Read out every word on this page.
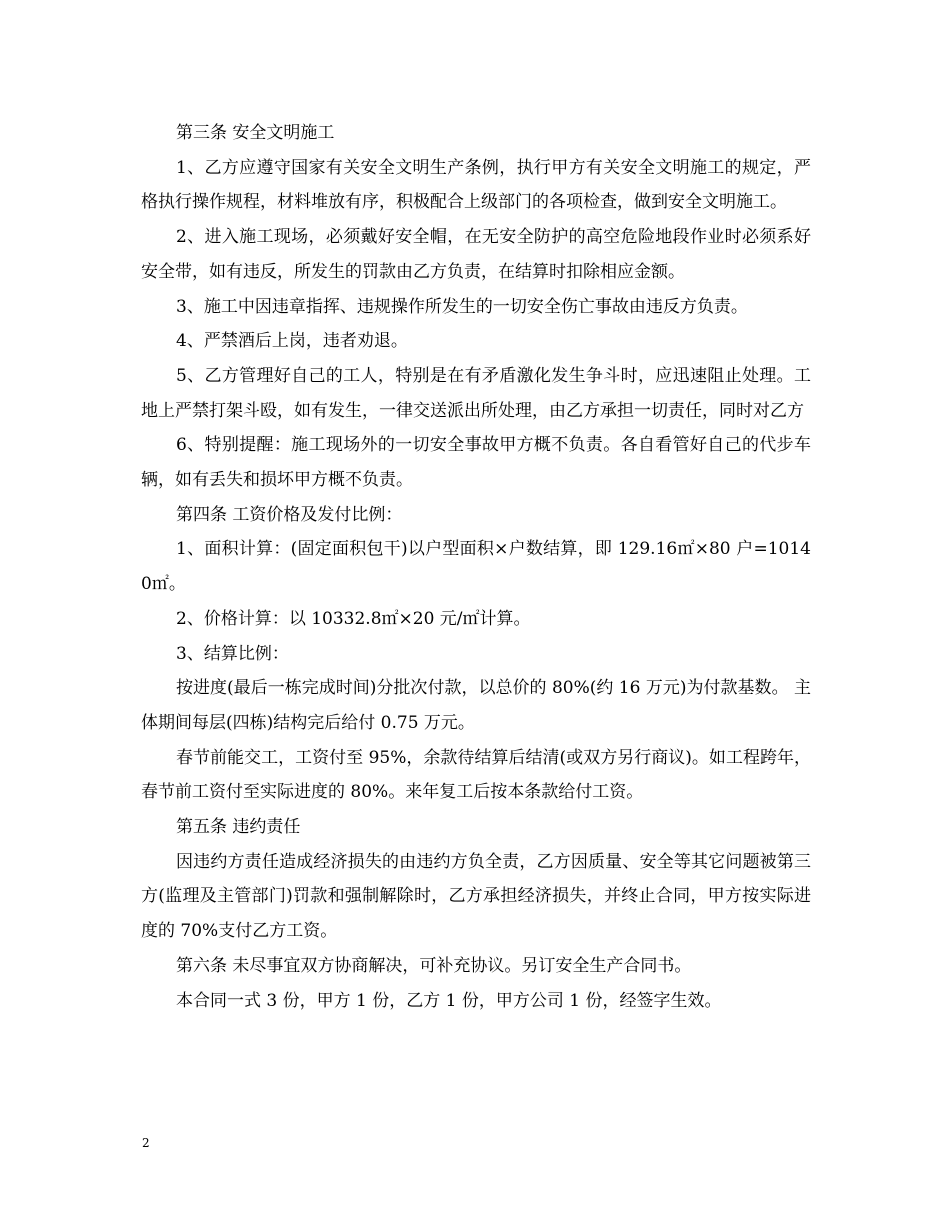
第三条 安全文明施工

1、乙方应遵守国家有关安全文明生产条例，执行甲方有关安全文明施工的规定，严格执行操作规程，材料堆放有序，积极配合上级部门的各项检查，做到安全文明施工。

2、进入施工现场，必须戴好安全帽，在无安全防护的高空危险地段作业时必须系好安全带，如有违反，所发生的罚款由乙方负责，在结算时扣除相应金额。

3、施工中因违章指挥、违规操作所发生的一切安全伤亡事故由违反方负责。

4、严禁酒后上岗，违者劝退。

5、乙方管理好自己的工人，特别是在有矛盾激化发生争斗时，应迅速阻止处理。工地上严禁打架斗殴，如有发生，一律交送派出所处理，由乙方承担一切责任，同时对乙方

6、特别提醒：施工现场外的一切安全事故甲方概不负责。各自看管好自己的代步车辆，如有丢失和损坏甲方概不负责。

第四条 工资价格及发付比例：

1、面积计算：(固定面积包干)以户型面积×户数结算，即 129.16㎡×80 户=10140㎡。

2、价格计算：以 10332.8㎡×20 元/㎡计算。

3、结算比例：

按进度(最后一栋完成时间)分批次付款，以总价的 80%(约 16 万元)为付款基数。 主体期间每层(四栋)结构完后给付 0.75 万元。

春节前能交工，工资付至 95%，余款待结算后结清(或双方另行商议)。如工程跨年，春节前工资付至实际进度的 80%。来年复工后按本条款给付工资。

第五条 违约责任

因违约方责任造成经济损失的由违约方负全责，乙方因质量、安全等其它问题被第三方(监理及主管部门)罚款和强制解除时，乙方承担经济损失，并终止合同，甲方按实际进度的 70%支付乙方工资。

第六条 未尽事宜双方协商解决，可补充协议。另订安全生产合同书。

本合同一式 3 份，甲方 1 份，乙方 1 份，甲方公司 1 份，经签字生效。

2
